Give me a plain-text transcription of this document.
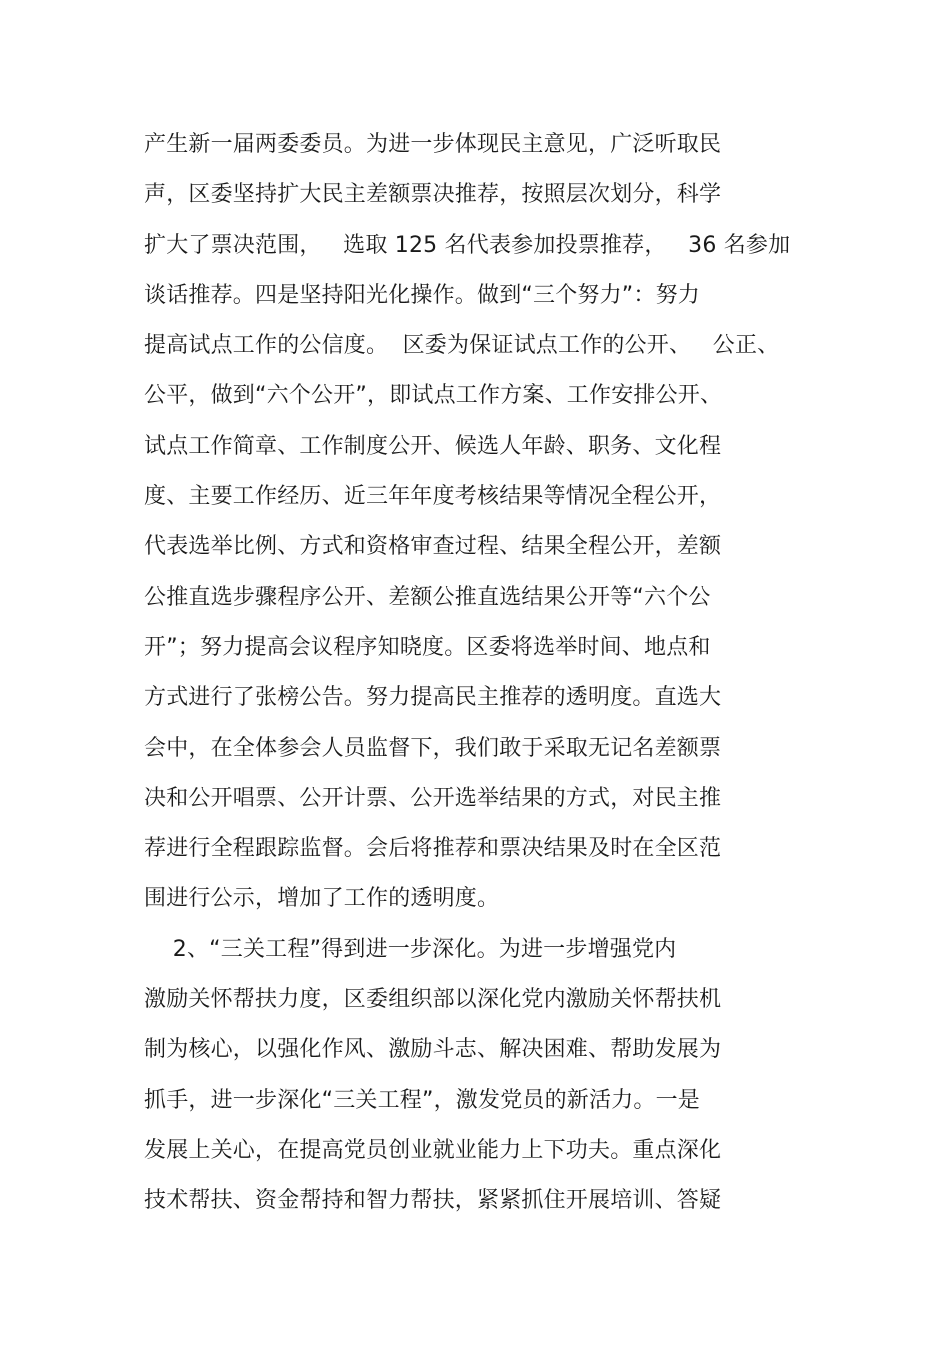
产生新一届两委委员。为进一步体现民主意见，广泛听取民
声，区委坚持扩大民主差额票决推荐，按照层次划分，科学
扩大了票决范围，   选取 125 名代表参加投票推荐，   36 名参加
谈话推荐。四是坚持阳光化操作。做到“三个努力”：努力
提高试点工作的公信度。  区委为保证试点工作的公开、   公正、
公平，做到“六个公开”，即试点工作方案、工作安排公开、
试点工作简章、工作制度公开、候选人年龄、职务、文化程
度、主要工作经历、近三年年度考核结果等情况全程公开，
代表选举比例、方式和资格审查过程、结果全程公开，差额
公推直选步骤程序公开、差额公推直选结果公开等“六个公
开”；努力提高会议程序知晓度。区委将选举时间、地点和
方式进行了张榜公告。努力提高民主推荐的透明度。直选大
会中，在全体参会人员监督下，我们敢于采取无记名差额票
决和公开唱票、公开计票、公开选举结果的方式，对民主推
荐进行全程跟踪监督。会后将推荐和票决结果及时在全区范
围进行公示，增加了工作的透明度。
2、“三关工程”得到进一步深化。为进一步增强党内
激励关怀帮扶力度，区委组织部以深化党内激励关怀帮扶机
制为核心，以强化作风、激励斗志、解决困难、帮助发展为
抓手，进一步深化“三关工程”，激发党员的新活力。一是
发展上关心，在提高党员创业就业能力上下功夫。重点深化
技术帮扶、资金帮持和智力帮扶，紧紧抓住开展培训、答疑
